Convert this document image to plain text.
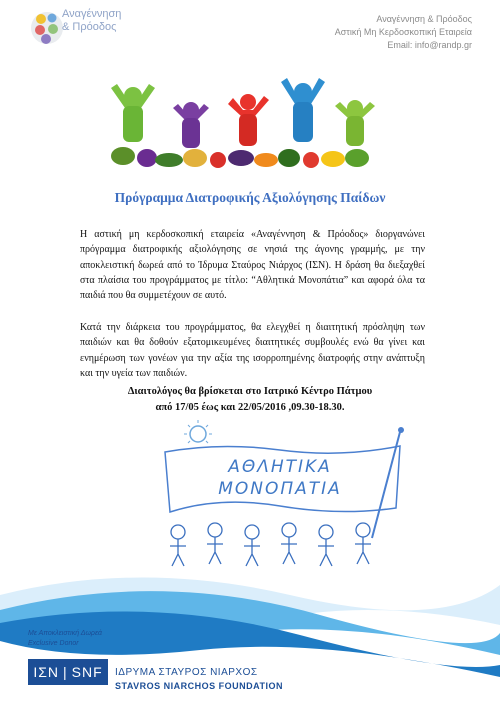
Αναγέννηση
& Πρόοδος
Αναγέννηση & Πρόοδος
Αστική Μη Κερδοσκοπική Εταιρεία
Email: info@randp.gr
Πρόγραμμα Διατροφικής Αξιολόγησης Παίδων
Η αστική μη κερδοσκοπική εταιρεία «Αναγέννηση & Πρόοδος» διοργανώνει πρόγραμμα διατροφικής αξιολόγησης σε νησιά της άγονης γραμμής, με την αποκλειστική δωρεά από το Ίδρυμα Σταύρος Νιάρχος (ΙΣΝ). Η δράση θα διεξαχθεί στα πλαίσια του προγράμματος με τίτλο: “Αθλητικά Μονοπάτια” και αφορά όλα τα παιδιά που θα συμμετέχουν σε αυτό.
Κατά την διάρκεια του προγράμματος, θα ελεγχθεί η διαιτητική πρόσληψη των παιδιών και θα δοθούν εξατομικευμένες διαιτητικές συμβουλές ενώ θα γίνει και ενημέρωση των γονέων για την αξία της ισορροπημένης διατροφής στην ανάπτυξη και την υγεία των παιδιών.
Διαιτολόγος θα βρίσκεται στο Ιατρικό Κέντρο Πάτμου
από 17/05 έως και 22/05/2016 ,09.30-18.30.
ΑΘΛΗΤΙΚΑ
ΜΟΝΟΠΑΤΙΑ
Με Αποκλειστική Δωρεά
Exclusive Donor
ΙΣΝ | SNF ΙΔΡΥΜΑ ΣΤΑΥΡΟΣ ΝΙΑΡΧΟΣ
STAVROS NIARCHOS FOUNDATION
